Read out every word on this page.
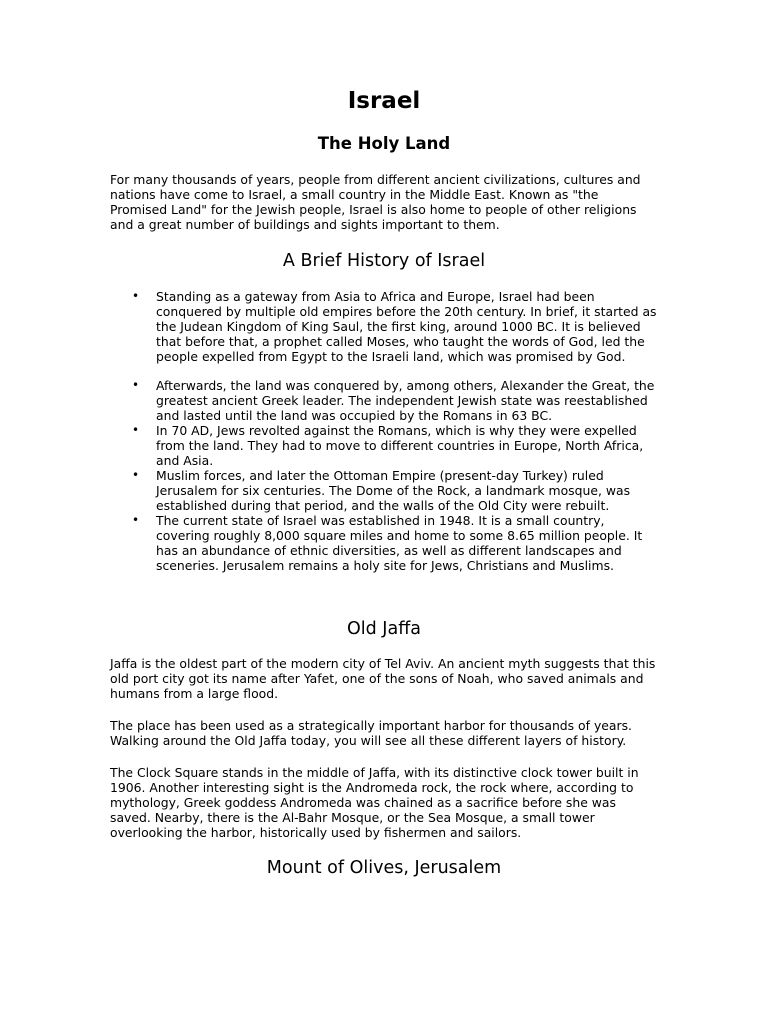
Israel
The Holy Land

For many thousands of years, people from different ancient civilizations, cultures and nations have come to Israel, a small country in the Middle East. Known as "the Promised Land" for the Jewish people, Israel is also home to people of other religions and a great number of buildings and sights important to them.

A Brief History of Israel
• Standing as a gateway from Asia to Africa and Europe, Israel had been conquered by multiple old empires before the 20th century. In brief, it started as the Judean Kingdom of King Saul, the first king, around 1000 BC. It is believed that before that, a prophet called Moses, who taught the words of God, led the people expelled from Egypt to the Israeli land, which was promised by God.
• Afterwards, the land was conquered by, among others, Alexander the Great, the greatest ancient Greek leader. The independent Jewish state was reestablished and lasted until the land was occupied by the Romans in 63 BC.
• In 70 AD, Jews revolted against the Romans, which is why they were expelled from the land. They had to move to different countries in Europe, North Africa, and Asia.
• Muslim forces, and later the Ottoman Empire (present-day Turkey) ruled Jerusalem for six centuries. The Dome of the Rock, a landmark mosque, was established during that period, and the walls of the Old City were rebuilt.
• The current state of Israel was established in 1948. It is a small country, covering roughly 8,000 square miles and home to some 8.65 million people. It has an abundance of ethnic diversities, as well as different landscapes and sceneries. Jerusalem remains a holy site for Jews, Christians and Muslims.
Old Jaffa

Jaffa is the oldest part of the modern city of Tel Aviv. An ancient myth suggests that this old port city got its name after Yafet, one of the sons of Noah, who saved animals and humans from a large flood.

The place has been used as a strategically important harbor for thousands of years. Walking around the Old Jaffa today, you will see all these different layers of history.

The Clock Square stands in the middle of Jaffa, with its distinctive clock tower built in 1906. Another interesting sight is the Andromeda rock, the rock where, according to mythology, Greek goddess Andromeda was chained as a sacrifice before she was saved. Nearby, there is the Al-Bahr Mosque, or the Sea Mosque, a small tower overlooking the harbor, historically used by fishermen and sailors.

Mount of Olives, Jerusalem
